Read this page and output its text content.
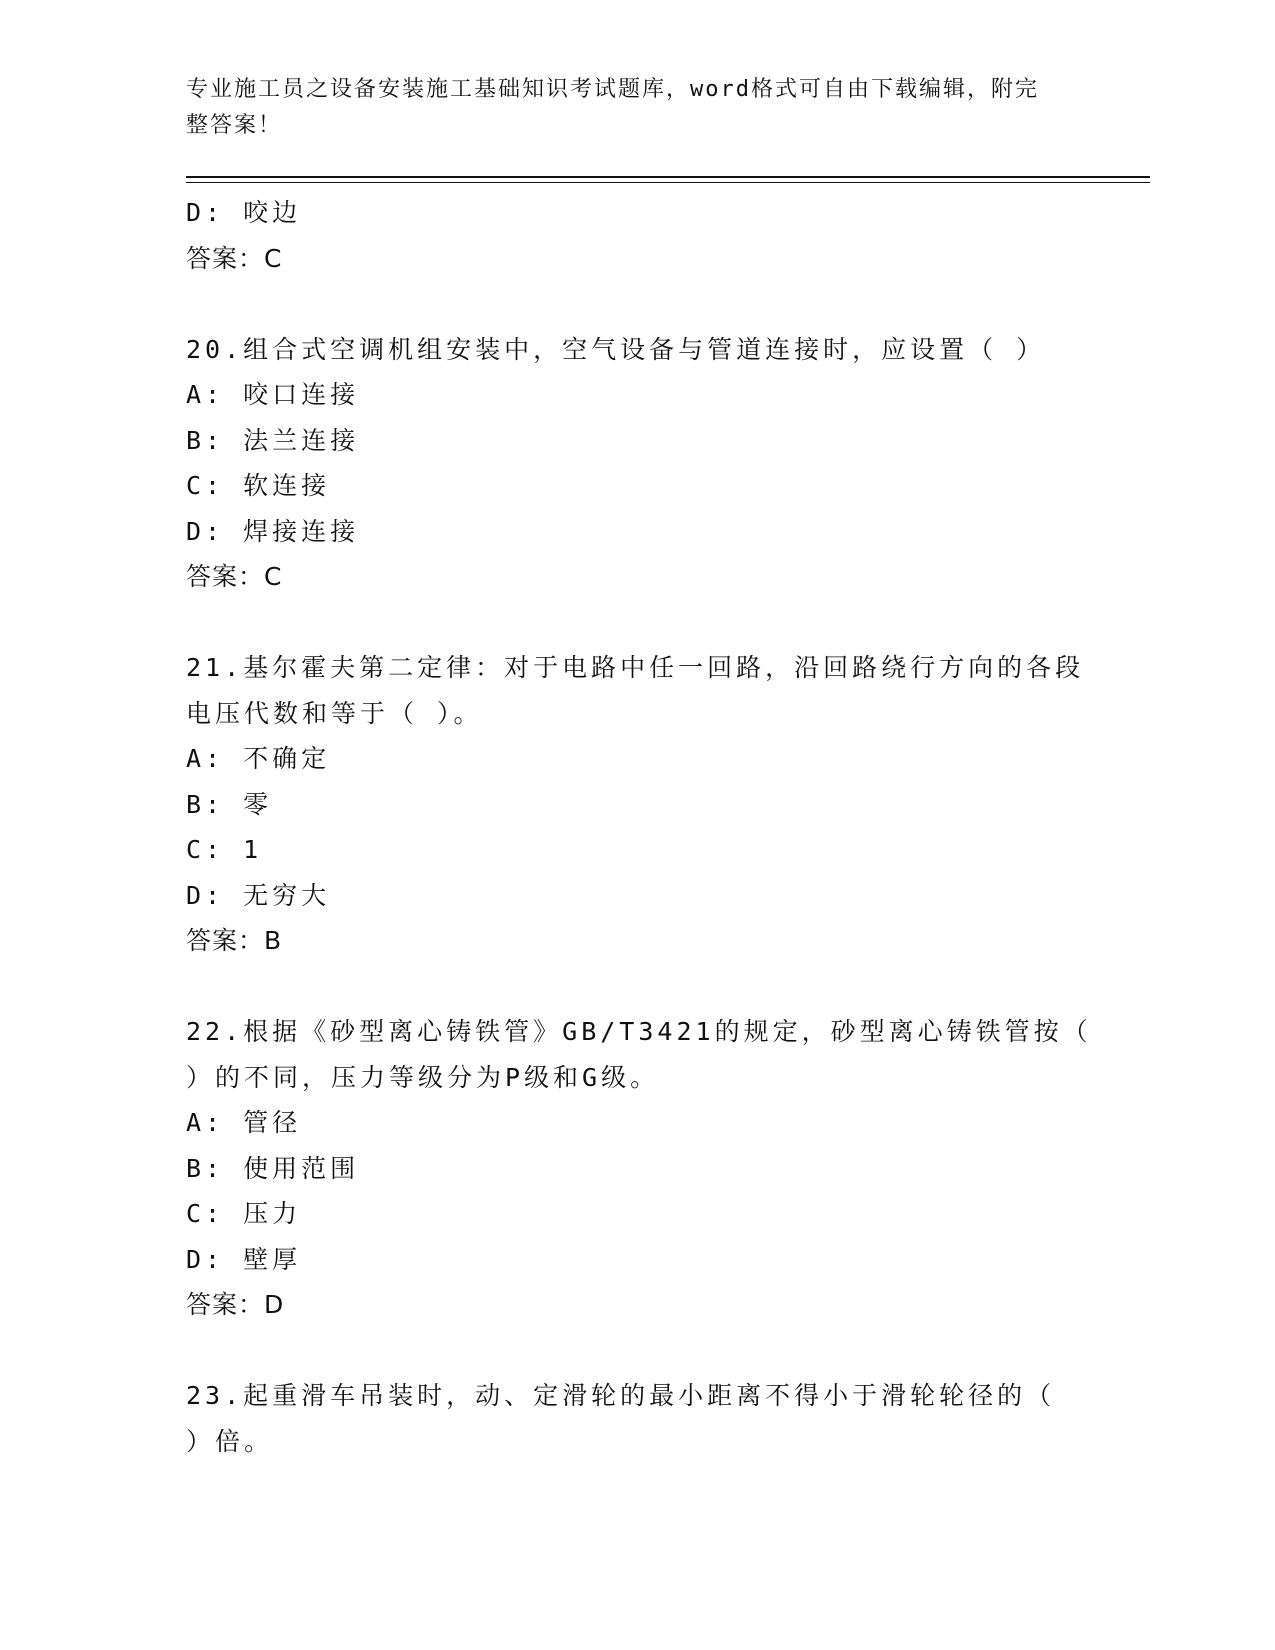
专业施工员之设备安装施工基础知识考试题库，word格式可自由下载编辑，附完
整答案！
D: 咬边
答案：C
20.组合式空调机组安装中，空气设备与管道连接时，应设置（ ）
A: 咬口连接
B: 法兰连接
C: 软连接
D: 焊接连接
答案：C
21.基尔霍夫第二定律：对于电路中任一回路，沿回路绕行方向的各段
电压代数和等于（ ）。
A: 不确定
B: 零
C: 1
D: 无穷大
答案：B
22.根据《砂型离心铸铁管》GB/T3421的规定，砂型离心铸铁管按（
）的不同，压力等级分为P级和G级。
A: 管径
B: 使用范围
C: 压力
D: 壁厚
答案：D
23.起重滑车吊装时，动、定滑轮的最小距离不得小于滑轮轮径的（
）倍。
